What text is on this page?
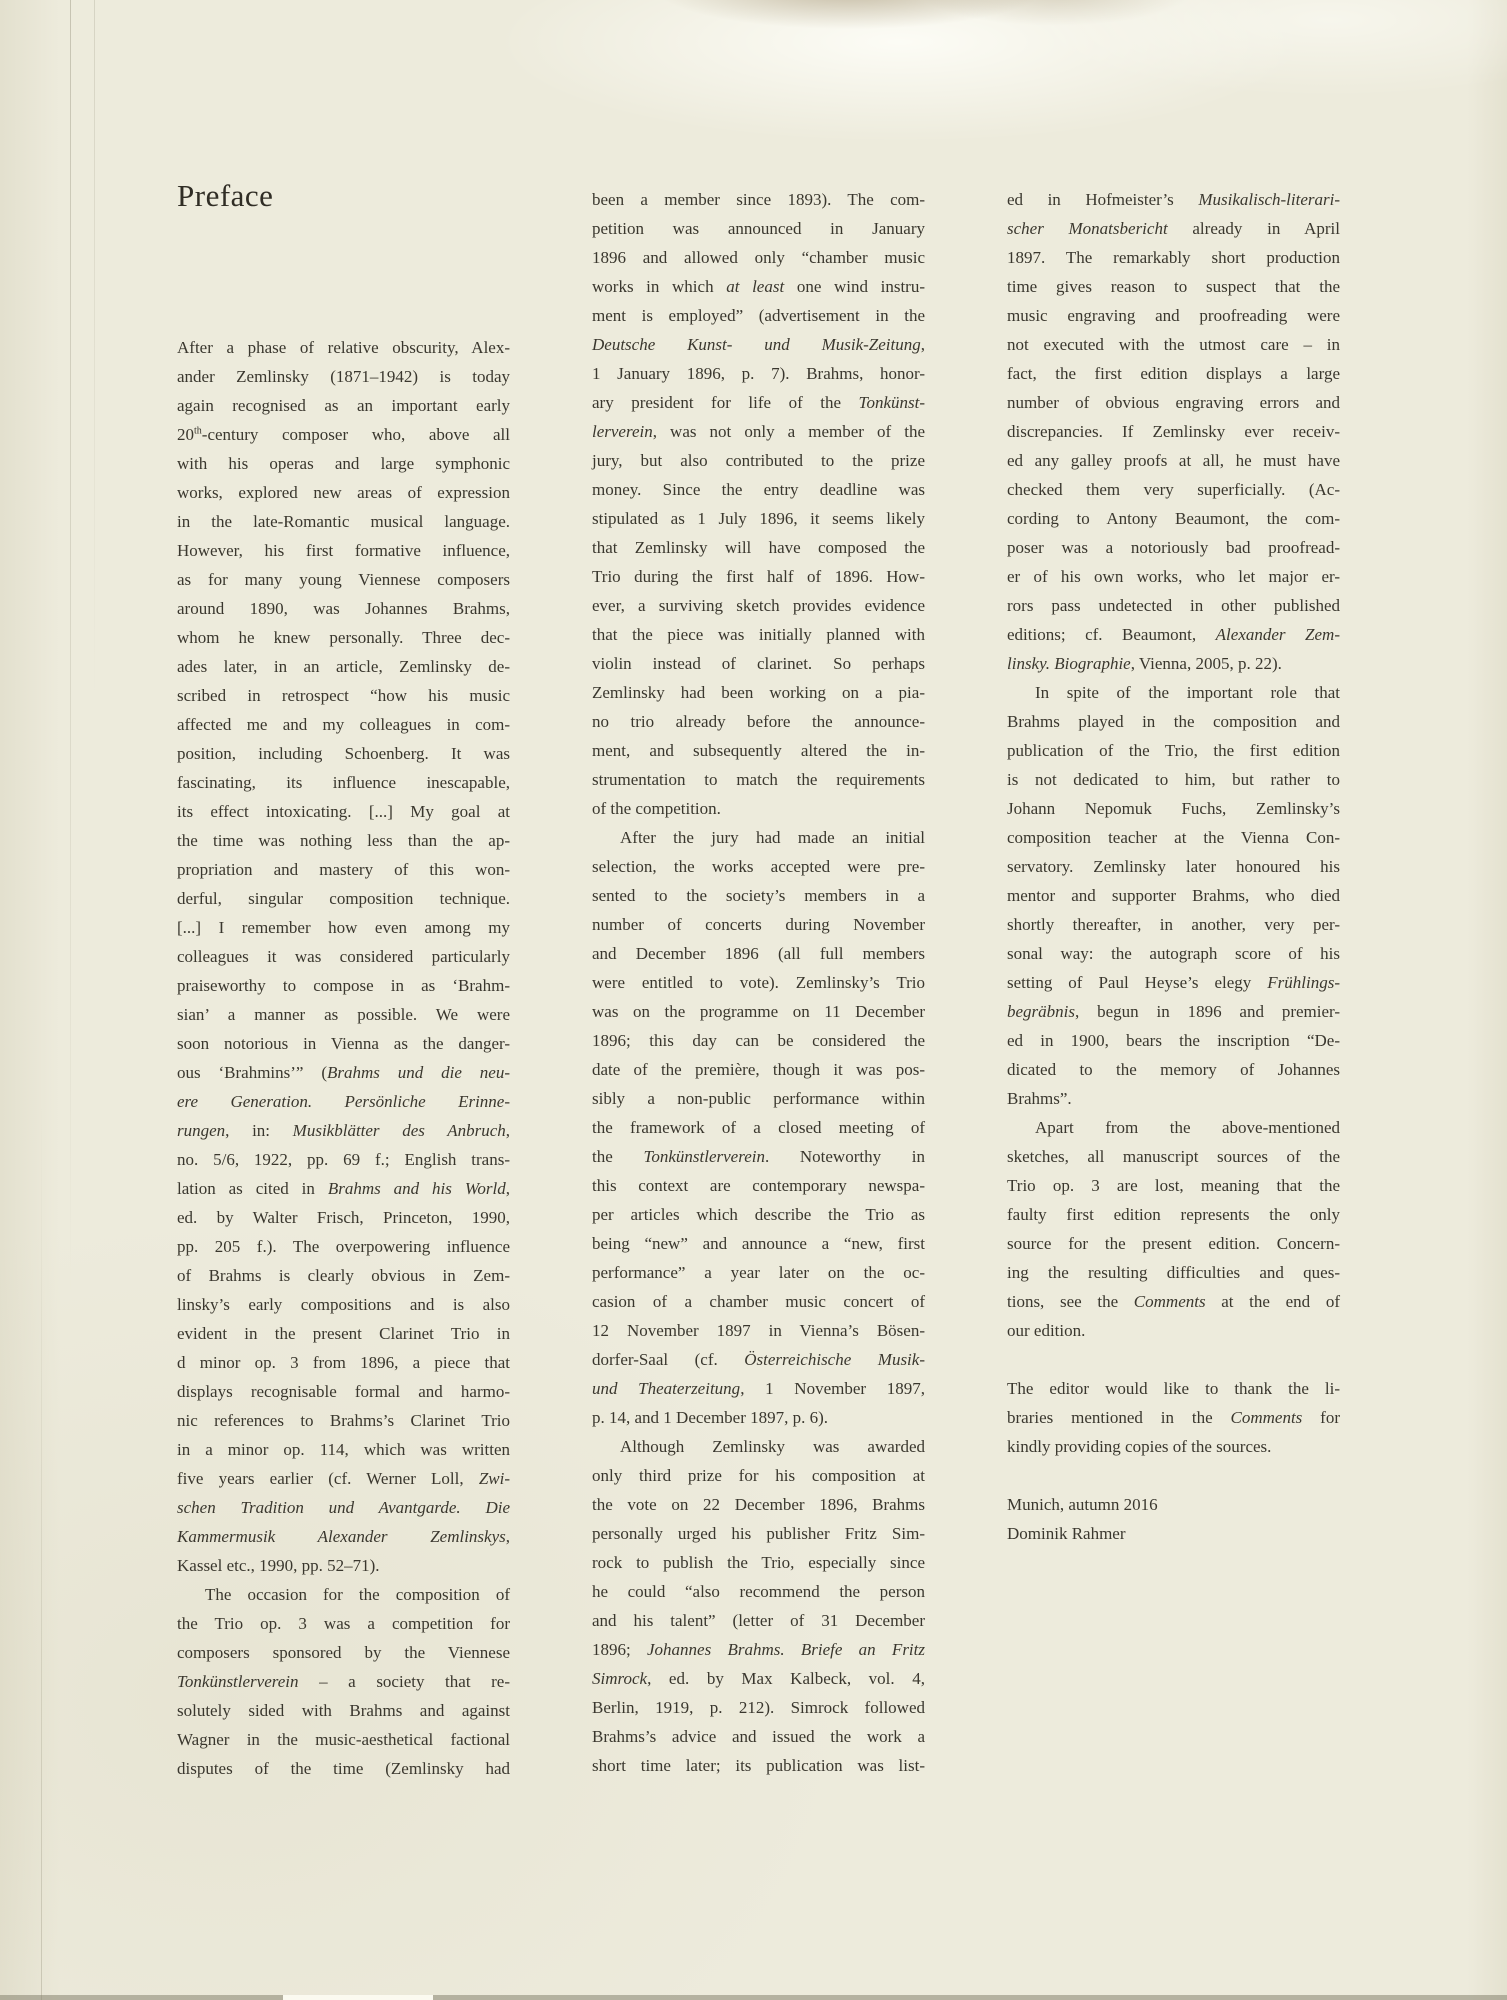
Preface
After a phase of relative obscurity, Alex-
ander Zemlinsky (1871–1942) is today
again recognised as an important early
20th-century composer who, above all
with his operas and large symphonic
works, explored new areas of expression
in the late-Romantic musical language.
However, his first formative influence,
as for many young Viennese composers
around 1890, was Johannes Brahms,
whom he knew personally. Three dec-
ades later, in an article, Zemlinsky de-
scribed in retrospect “how his music
affected me and my colleagues in com-
position, including Schoenberg. It was
fascinating, its influence inescapable,
its effect intoxicating. [...] My goal at
the time was nothing less than the ap-
propriation and mastery of this won-
derful, singular composition technique.
[...] I remember how even among my
colleagues it was considered particularly
praiseworthy to compose in as ‘Brahm-
sian’ a manner as possible. We were
soon notorious in Vienna as the danger-
ous ‘Brahmins’” (Brahms und die neu-
ere Generation. Persönliche Erinne-
rungen, in: Musikblätter des Anbruch,
no. 5/6, 1922, pp. 69 f.; English trans-
lation as cited in Brahms and his World,
ed. by Walter Frisch, Princeton, 1990,
pp. 205 f.). The overpowering influence
of Brahms is clearly obvious in Zem-
linsky’s early compositions and is also
evident in the present Clarinet Trio in
d minor op. 3 from 1896, a piece that
displays recognisable formal and harmo-
nic references to Brahms’s Clarinet Trio
in a minor op. 114, which was written
five years earlier (cf. Werner Loll, Zwi-
schen Tradition und Avantgarde. Die
Kammermusik Alexander Zemlinskys,
Kassel etc., 1990, pp. 52–71).
The occasion for the composition of
the Trio op. 3 was a competition for
composers sponsored by the Viennese
Tonkünstlerverein – a society that re-
solutely sided with Brahms and against
Wagner in the music-aesthetical factional
disputes of the time (Zemlinsky had
been a member since 1893). The com-
petition was announced in January
1896 and allowed only “chamber music
works in which at least one wind instru-
ment is employed” (advertisement in the
Deutsche Kunst- und Musik-Zeitung,
1 January 1896, p. 7). Brahms, honor-
ary president for life of the Tonkünst-
lerverein, was not only a member of the
jury, but also contributed to the prize
money. Since the entry deadline was
stipulated as 1 July 1896, it seems likely
that Zemlinsky will have composed the
Trio during the first half of 1896. How-
ever, a surviving sketch provides evidence
that the piece was initially planned with
violin instead of clarinet. So perhaps
Zemlinsky had been working on a pia-
no trio already before the announce-
ment, and subsequently altered the in-
strumentation to match the requirements
of the competition.
After the jury had made an initial
selection, the works accepted were pre-
sented to the society’s members in a
number of concerts during November
and December 1896 (all full members
were entitled to vote). Zemlinsky’s Trio
was on the programme on 11 December
1896; this day can be considered the
date of the première, though it was pos-
sibly a non-public performance within
the framework of a closed meeting of
the Tonkünstlerverein. Noteworthy in
this context are contemporary newspa-
per articles which describe the Trio as
being “new” and announce a “new, first
performance” a year later on the oc-
casion of a chamber music concert of
12 November 1897 in Vienna’s Bösen-
dorfer-Saal (cf. Österreichische Musik-
und Theaterzeitung, 1 November 1897,
p. 14, and 1 December 1897, p. 6).
Although Zemlinsky was awarded
only third prize for his composition at
the vote on 22 December 1896, Brahms
personally urged his publisher Fritz Sim-
rock to publish the Trio, especially since
he could “also recommend the person
and his talent” (letter of 31 December
1896; Johannes Brahms. Briefe an Fritz
Simrock, ed. by Max Kalbeck, vol. 4,
Berlin, 1919, p. 212). Simrock followed
Brahms’s advice and issued the work a
short time later; its publication was list-
ed in Hofmeister’s Musikalisch-literari-
scher Monatsbericht already in April
1897. The remarkably short production
time gives reason to suspect that the
music engraving and proofreading were
not executed with the utmost care – in
fact, the first edition displays a large
number of obvious engraving errors and
discrepancies. If Zemlinsky ever receiv-
ed any galley proofs at all, he must have
checked them very superficially. (Ac-
cording to Antony Beaumont, the com-
poser was a notoriously bad proofread-
er of his own works, who let major er-
rors pass undetected in other published
editions; cf. Beaumont, Alexander Zem-
linsky. Biographie, Vienna, 2005, p. 22).
In spite of the important role that
Brahms played in the composition and
publication of the Trio, the first edition
is not dedicated to him, but rather to
Johann Nepomuk Fuchs, Zemlinsky’s
composition teacher at the Vienna Con-
servatory. Zemlinsky later honoured his
mentor and supporter Brahms, who died
shortly thereafter, in another, very per-
sonal way: the autograph score of his
setting of Paul Heyse’s elegy Frühlings-
begräbnis, begun in 1896 and premier-
ed in 1900, bears the inscription “De-
dicated to the memory of Johannes
Brahms”.
Apart from the above-mentioned
sketches, all manuscript sources of the
Trio op. 3 are lost, meaning that the
faulty first edition represents the only
source for the present edition. Concern-
ing the resulting difficulties and ques-
tions, see the Comments at the end of
our edition.
The editor would like to thank the li-
braries mentioned in the Comments for
kindly providing copies of the sources.
Munich, autumn 2016
Dominik Rahmer
